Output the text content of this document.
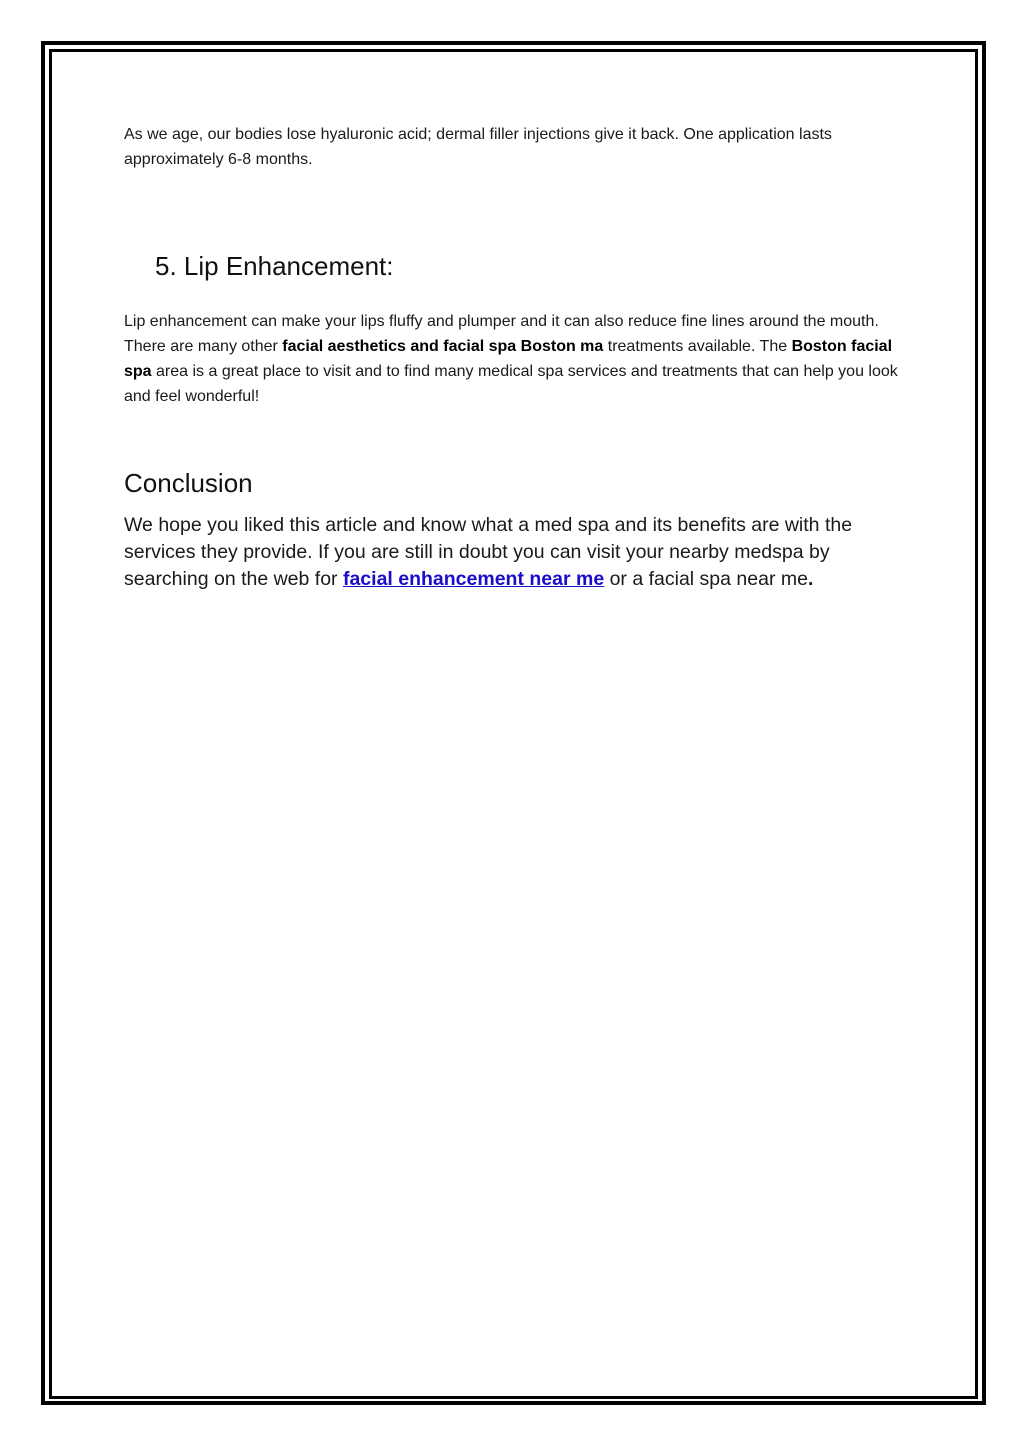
As we age, our bodies lose hyaluronic acid; dermal filler injections give it back. One application lasts approximately 6-8 months.

5. Lip Enhancement:

Lip enhancement can make your lips fluffy and plumper and it can also reduce fine lines around the mouth. There are many other facial aesthetics and facial spa Boston ma treatments available. The Boston facial spa area is a great place to visit and to find many medical spa services and treatments that can help you look and feel wonderful!

Conclusion

We hope you liked this article and know what a med spa and its benefits are with the services they provide. If you are still in doubt you can visit your nearby medspa by searching on the web for facial enhancement near me or a facial spa near me.
